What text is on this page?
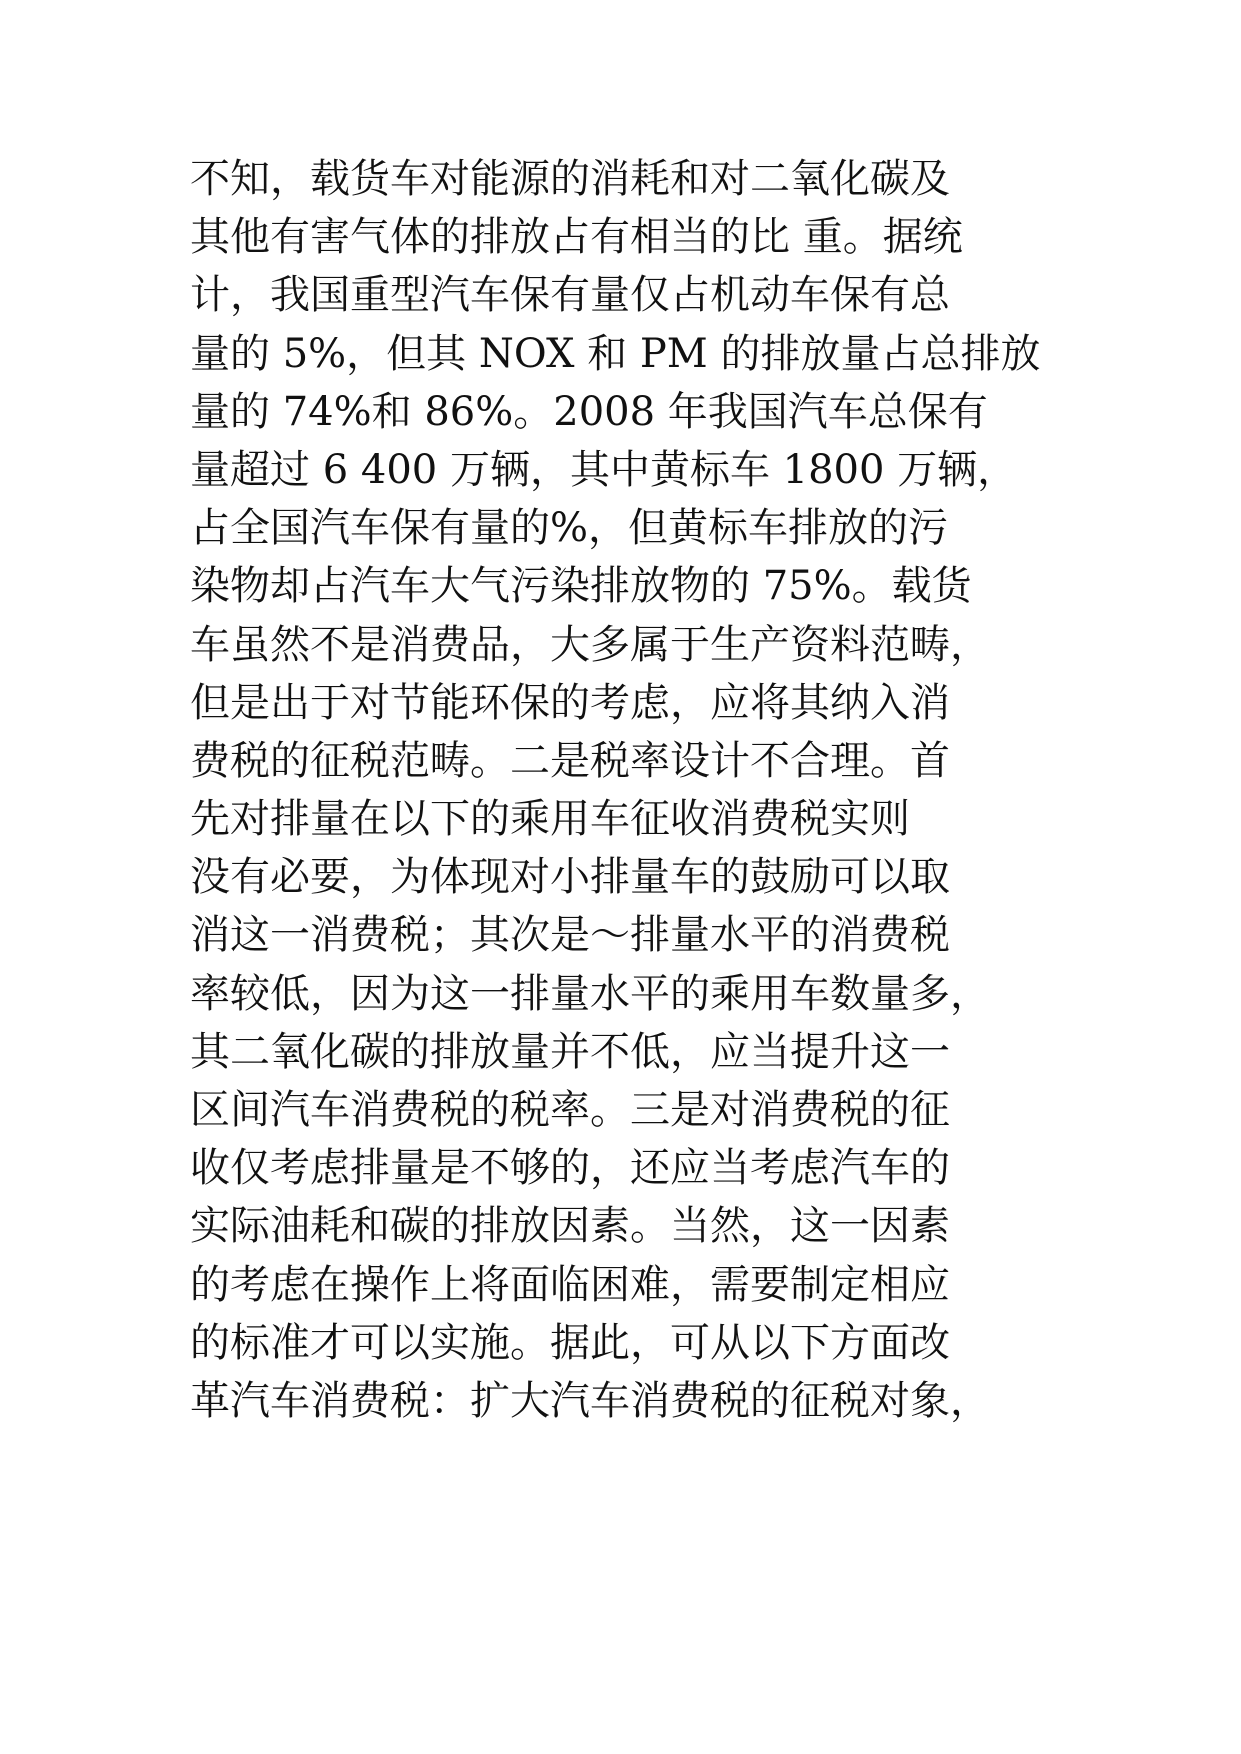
不知，载货车对能源的消耗和对二氧化碳及
其他有害气体的排放占有相当的比 重。据统
计，我国重型汽车保有量仅占机动车保有总
量的 5%，但其 NOX 和 PM 的排放量占总排放
量的 74%和 86%。2008 年我国汽车总保有
量超过 6 400 万辆，其中黄标车 1800 万辆，
占全国汽车保有量的%，但黄标车排放的污
染物却占汽车大气污染排放物的 75%。载货
车虽然不是消费品，大多属于生产资料范畴，
但是出于对节能环保的考虑，应将其纳入消
费税的征税范畴。二是税率设计不合理。首
先对排量在以下的乘用车征收消费税实则
没有必要，为体现对小排量车的鼓励可以取
消这一消费税；其次是～排量水平的消费税
率较低，因为这一排量水平的乘用车数量多，
其二氧化碳的排放量并不低，应当提升这一
区间汽车消费税的税率。三是对消费税的征
收仅考虑排量是不够的，还应当考虑汽车的
实际油耗和碳的排放因素。当然，这一因素
的考虑在操作上将面临困难，需要制定相应
的标准才可以实施。据此，可从以下方面改
革汽车消费税：扩大汽车消费税的征税对象，
